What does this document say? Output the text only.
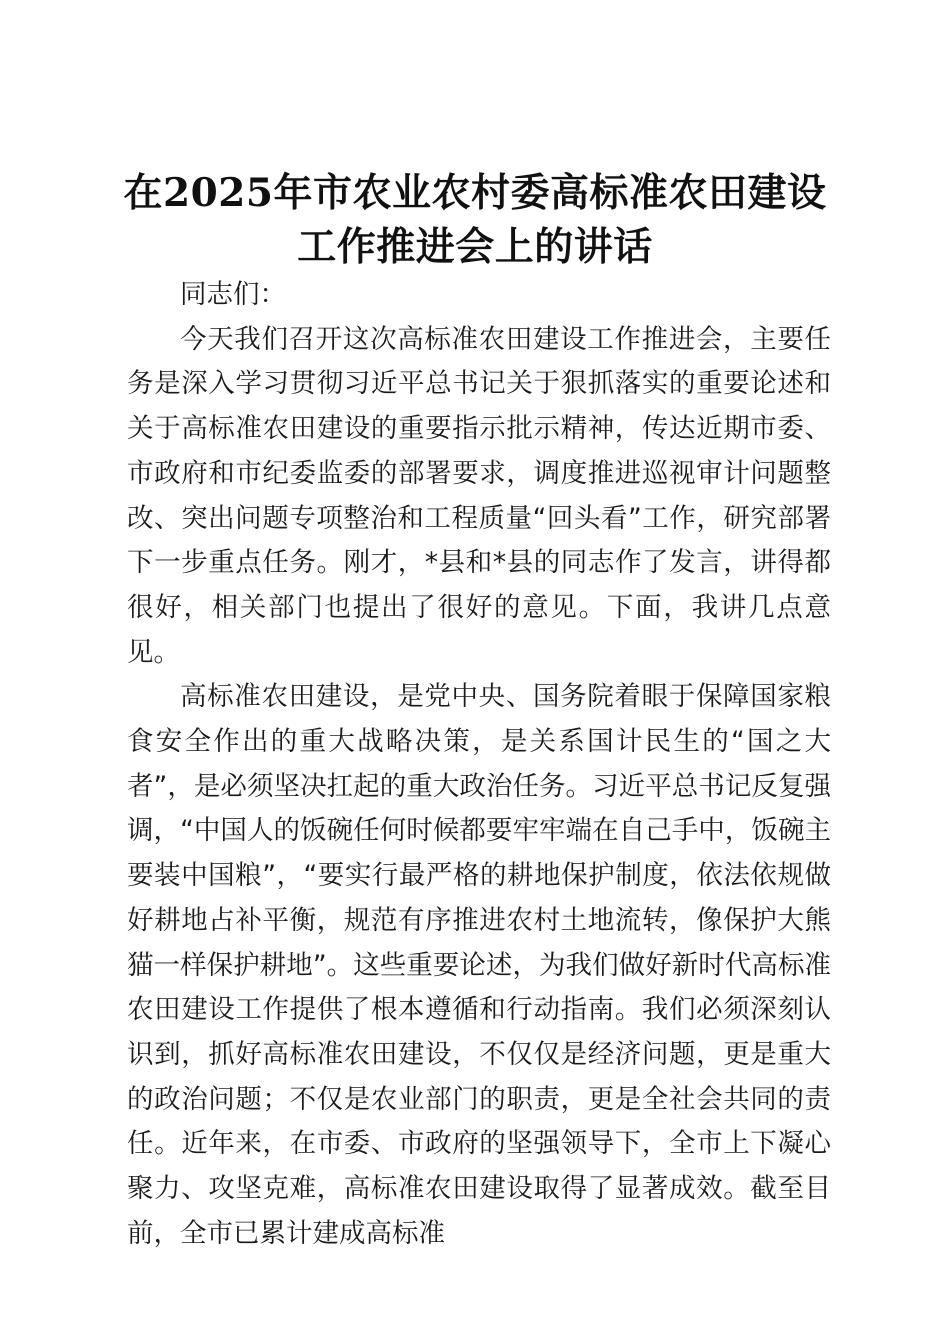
在2025年市农业农村委高标准农田建设工作推进会上的讲话

同志们：

今天我们召开这次高标准农田建设工作推进会，主要任务是深入学习贯彻习近平总书记关于狠抓落实的重要论述和关于高标准农田建设的重要指示批示精神，传达近期市委、市政府和市纪委监委的部署要求，调度推进巡视审计问题整改、突出问题专项整治和工程质量“回头看”工作，研究部署下一步重点任务。刚才，*县和*县的同志作了发言，讲得都很好，相关部门也提出了很好的意见。下面，我讲几点意见。

高标准农田建设，是党中央、国务院着眼于保障国家粮食安全作出的重大战略决策，是关系国计民生的“国之大者”，是必须坚决扛起的重大政治任务。习近平总书记反复强调，“中国人的饭碗任何时候都要牢牢端在自己手中，饭碗主要装中国粮”，“要实行最严格的耕地保护制度，依法依规做好耕地占补平衡，规范有序推进农村土地流转，像保护大熊猫一样保护耕地”。这些重要论述，为我们做好新时代高标准农田建设工作提供了根本遵循和行动指南。我们必须深刻认识到，抓好高标准农田建设，不仅仅是经济问题，更是重大的政治问题；不仅是农业部门的职责，更是全社会共同的责任。近年来，在市委、市政府的坚强领导下，全市上下凝心聚力、攻坚克难，高标准农田建设取得了显著成效。截至目前，全市已累计建成高标准
